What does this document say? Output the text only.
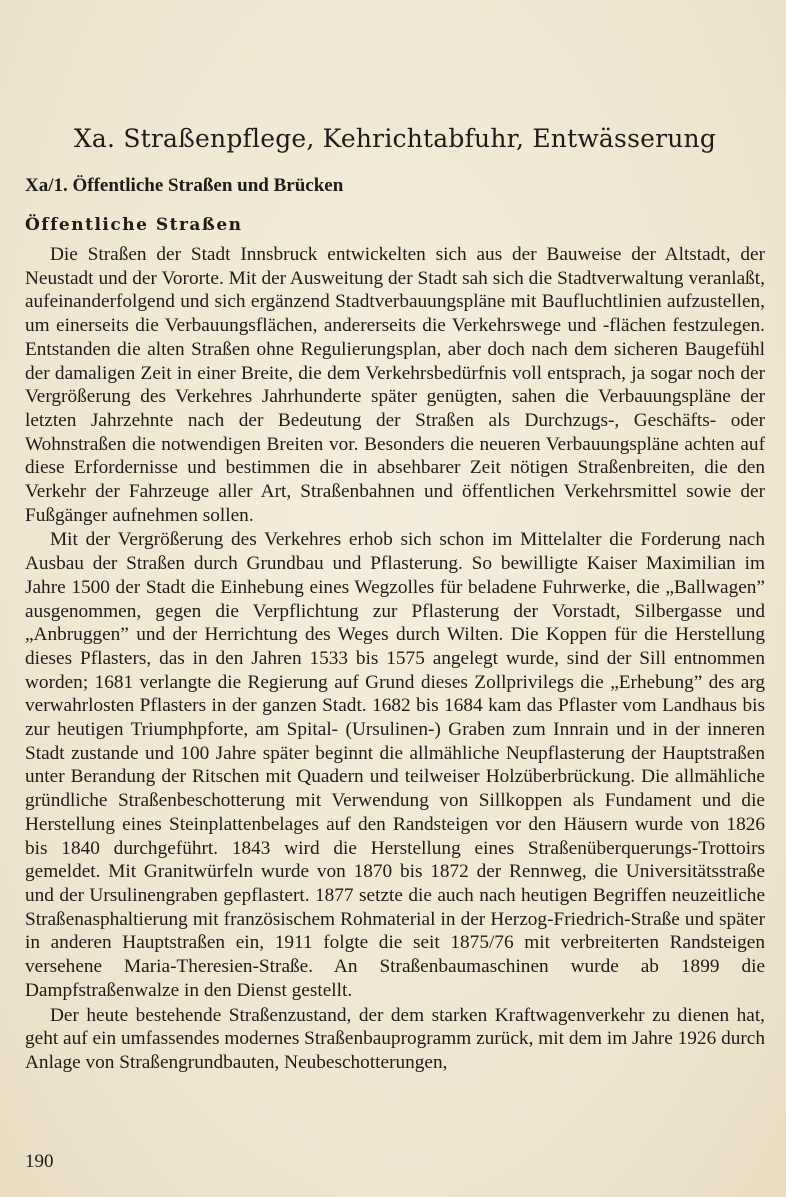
Xa. Straßenpflege, Kehrichtabfuhr, Entwässerung
Xa/1. Öffentliche Straßen und Brücken
Öffentliche Straßen

Die Straßen der Stadt Innsbruck entwickelten sich aus der Bauweise der Altstadt, der Neustadt und der Vororte. Mit der Ausweitung der Stadt sah sich die Stadtverwaltung veranlaßt, aufeinanderfolgend und sich ergänzend Stadtverbauungspläne mit Baufluchtlinien aufzustellen, um einerseits die Verbauungsflächen, andererseits die Verkehrswege und -flächen festzulegen. Entstanden die alten Straßen ohne Regulierungsplan, aber doch nach dem sicheren Baugefühl der damaligen Zeit in einer Breite, die dem Verkehrsbedürfnis voll entsprach, ja sogar noch der Vergrößerung des Verkehres Jahrhunderte später genügten, sahen die Verbauungspläne der letzten Jahrzehnte nach der Bedeutung der Straßen als Durchzugs-, Geschäfts- oder Wohnstraßen die notwendigen Breiten vor. Besonders die neueren Verbauungspläne achten auf diese Erfordernisse und bestimmen die in absehbarer Zeit nötigen Straßenbreiten, die den Verkehr der Fahrzeuge aller Art, Straßenbahnen und öffentlichen Verkehrsmittel sowie der Fußgänger aufnehmen sollen.

Mit der Vergrößerung des Verkehres erhob sich schon im Mittelalter die Forderung nach Ausbau der Straßen durch Grundbau und Pflasterung. So bewilligte Kaiser Maximilian im Jahre 1500 der Stadt die Einhebung eines Wegzolles für beladene Fuhrwerke, die „Ballwagen” ausgenommen, gegen die Verpflichtung zur Pflasterung der Vorstadt, Silbergasse und „Anbruggen” und der Herrichtung des Weges durch Wilten. Die Koppen für die Herstellung dieses Pflasters, das in den Jahren 1533 bis 1575 angelegt wurde, sind der Sill entnommen worden; 1681 verlangte die Regierung auf Grund dieses Zollprivilegs die „Erhebung” des arg verwahrlosten Pflasters in der ganzen Stadt. 1682 bis 1684 kam das Pflaster vom Landhaus bis zur heutigen Triumphpforte, am Spital- (Ursulinen-) Graben zum Innrain und in der inneren Stadt zustande und 100 Jahre später beginnt die allmähliche Neupflasterung der Hauptstraßen unter Berandung der Ritschen mit Quadern und teilweiser Holzüberbrückung. Die allmähliche gründliche Straßenbeschotterung mit Verwendung von Sillkoppen als Fundament und die Herstellung eines Steinplattenbelages auf den Randsteigen vor den Häusern wurde von 1826 bis 1840 durchgeführt. 1843 wird die Herstellung eines Straßenüberquerungs-Trottoirs gemeldet. Mit Granitwürfeln wurde von 1870 bis 1872 der Rennweg, die Universitätsstraße und der Ursulinengraben gepflastert. 1877 setzte die auch nach heutigen Begriffen neuzeitliche Straßenasphaltierung mit französischem Rohmaterial in der Herzog-Friedrich-Straße und später in anderen Hauptstraßen ein, 1911 folgte die seit 1875/76 mit verbreiterten Randsteigen versehene Maria-Theresien-Straße. An Straßenbaumaschinen wurde ab 1899 die Dampfstraßenwalze in den Dienst gestellt.

Der heute bestehende Straßenzustand, der dem starken Kraftwagenverkehr zu dienen hat, geht auf ein umfassendes modernes Straßenbauprogramm zurück, mit dem im Jahre 1926 durch Anlage von Straßengrundbauten, Neubeschotterungen,

190
